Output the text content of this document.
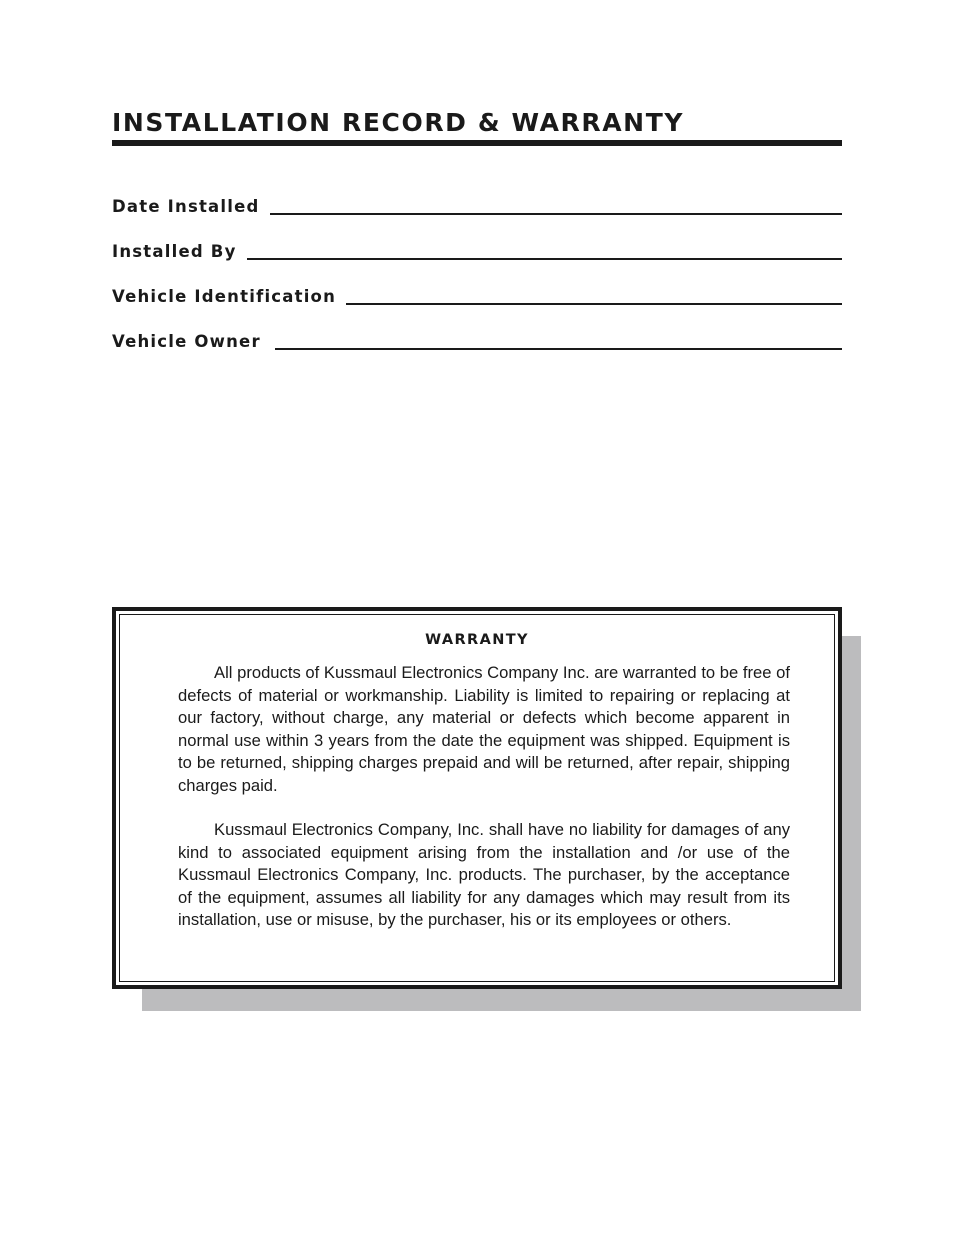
INSTALLATION RECORD & WARRANTY
Date Installed
Installed By
Vehicle Identification
Vehicle Owner
WARRANTY

All products of Kussmaul Electronics Company Inc. are warranted to be free of defects of material or workmanship. Liability is limited to repairing or replacing at our factory, without charge, any material or defects which become apparent in normal use within 3 years from the date the equipment was shipped. Equipment is to be returned, shipping charges prepaid and will be returned, after repair, shipping charges paid.

Kussmaul Electronics Company, Inc. shall have no liability for damages of any kind to associated equipment arising from the installation and /or use of the Kussmaul Electronics Company, Inc. products. The purchaser, by the acceptance of the equipment, assumes all liability for any damages which may result from its installation, use or misuse, by the purchaser, his or its employees or others.
